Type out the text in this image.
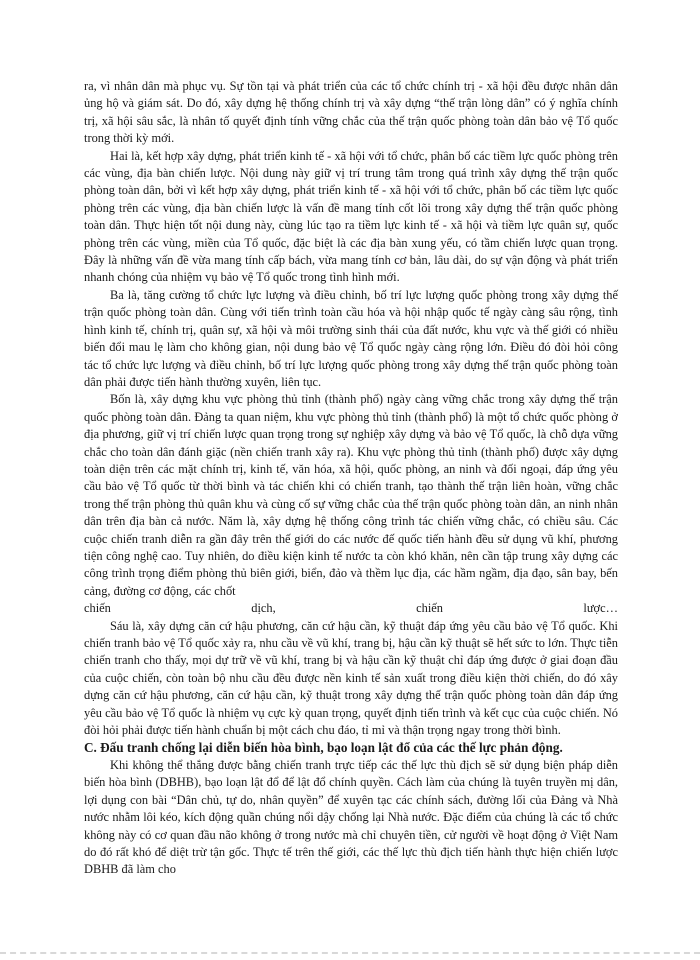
ra, vì nhân dân mà phục vụ. Sự tồn tại và phát triển của các tổ chức chính trị - xã hội đều được nhân dân ủng hộ và giám sát. Do đó, xây dựng hệ thống chính trị và xây dựng “thế trận lòng dân” có ý nghĩa chính trị, xã hội sâu sắc, là nhân tố quyết định tính vững chắc của thế trận quốc phòng toàn dân bảo vệ Tổ quốc trong thời kỳ mới.

Hai là, kết hợp xây dựng, phát triển kinh tế - xã hội với tổ chức, phân bố các tiềm lực quốc phòng trên các vùng, địa bàn chiến lược. Nội dung này giữ vị trí trung tâm trong quá trình xây dựng thế trận quốc phòng toàn dân, bởi vì kết hợp xây dựng, phát triển kinh tế - xã hội với tổ chức, phân bố các tiềm lực quốc phòng trên các vùng, địa bàn chiến lược là vấn đề mang tính cốt lõi trong xây dựng thế trận quốc phòng toàn dân. Thực hiện tốt nội dung này, cùng lúc tạo ra tiềm lực kinh tế - xã hội và tiềm lực quân sự, quốc phòng trên các vùng, miền của Tổ quốc, đặc biệt là các địa bàn xung yếu, có tầm chiến lược quan trọng. Đây là những vấn đề vừa mang tính cấp bách, vừa mang tính cơ bản, lâu dài, do sự vận động và phát triển nhanh chóng của nhiệm vụ bảo vệ Tổ quốc trong tình hình mới.

Ba là, tăng cường tổ chức lực lượng và điều chỉnh, bố trí lực lượng quốc phòng trong xây dựng thế trận quốc phòng toàn dân. Cùng với tiến trình toàn cầu hóa và hội nhập quốc tế ngày càng sâu rộng, tình hình kinh tế, chính trị, quân sự, xã hội và môi trường sinh thái của đất nước, khu vực và thế giới có nhiều biến đổi mau lẹ làm cho không gian, nội dung bảo vệ Tổ quốc ngày càng rộng lớn. Điều đó đòi hỏi công tác tổ chức lực lượng và điều chỉnh, bố trí lực lượng quốc phòng trong xây dựng thế trận quốc phòng toàn dân phải được tiến hành thường xuyên, liên tục.

Bốn là, xây dựng khu vực phòng thủ tỉnh (thành phố) ngày càng vững chắc trong xây dựng thế trận quốc phòng toàn dân. Đảng ta quan niệm, khu vực phòng thủ tỉnh (thành phố) là một tổ chức quốc phòng ở địa phương, giữ vị trí chiến lược quan trọng trong sự nghiệp xây dựng và bảo vệ Tổ quốc, là chỗ dựa vững chắc cho toàn dân đánh giặc (nền chiến tranh xây ra). Khu vực phòng thủ tỉnh (thành phố) được xây dựng toàn diện trên các mặt chính trị, kinh tế, văn hóa, xã hội, quốc phòng, an ninh và đối ngoại, đáp ứng yêu cầu bảo vệ Tổ quốc từ thời bình và tác chiến khi có chiến tranh, tạo thành thế trận liên hoàn, vững chắc trong thế trận phòng thủ quân khu và cùng cố sự vững chắc của thế trận quốc phòng toàn dân, an ninh nhân dân trên địa bàn cả nước. Năm là, xây dựng hệ thống công trình tác chiến vững chắc, có chiều sâu. Các cuộc chiến tranh diễn ra gần đây trên thế giới do các nước đế quốc tiến hành đều sử dụng vũ khí, phương tiện công nghệ cao. Tuy nhiên, do điều kiện kinh tế nước ta còn khó khăn, nên cần tập trung xây dựng các công trình trọng điểm phòng thủ biên giới, biển, đảo và thềm lục địa, các hầm ngầm, địa đạo, sân bay, bến cảng, đường cơ động, các chốt

chiến dịch, chiến lược…

Sáu là, xây dựng căn cứ hậu phương, căn cứ hậu cần, kỹ thuật đáp ứng yêu cầu bảo vệ Tổ quốc. Khi chiến tranh bảo vệ Tổ quốc xảy ra, nhu cầu về vũ khí, trang bị, hậu cần kỹ thuật sẽ hết sức to lớn. Thực tiễn chiến tranh cho thấy, mọi dự trữ về vũ khí, trang bị và hậu cần kỹ thuật chỉ đáp ứng được ở giai đoạn đầu của cuộc chiến, còn toàn bộ nhu cầu đều được nền kinh tế sản xuất trong điều kiện thời chiến, do đó xây dựng căn cứ hậu phương, căn cứ hậu cần, kỹ thuật trong xây dựng thế trận quốc phòng toàn dân đáp ứng yêu cầu bảo vệ Tổ quốc là nhiệm vụ cực kỳ quan trọng, quyết định tiến trình và kết cục của cuộc chiến. Nó đòi hỏi phải được tiến hành chuẩn bị một cách chu đáo, tỉ mỉ và thận trọng ngay trong thời bình.

C. Đấu tranh chống lại diễn biến hòa bình, bạo loạn lật đổ của các thế lực phản động.

Khi không thể thắng được bằng chiến tranh trực tiếp các thế lực thù địch sẽ sử dụng biện pháp diễn biến hòa bình (DBHB), bạo loạn lật đổ để lật đổ chính quyền. Cách làm của chúng là tuyên truyền mị dân, lợi dụng con bài “Dân chủ, tự do, nhân quyền” để xuyên tạc các chính sách, đường lối của Đảng và Nhà nước nhằm lôi kéo, kích động quần chúng nổi dậy chống lại Nhà nước. Đặc điểm của chúng là các tổ chức không này có cơ quan đầu não không ở trong nước mà chỉ chuyên tiền, cử người về hoạt động ở Việt Nam do đó rất khó để diệt trừ tận gốc. Thực tế trên thế giới, các thế lực thù địch tiến hành thực hiện chiến lược DBHB đã làm cho
